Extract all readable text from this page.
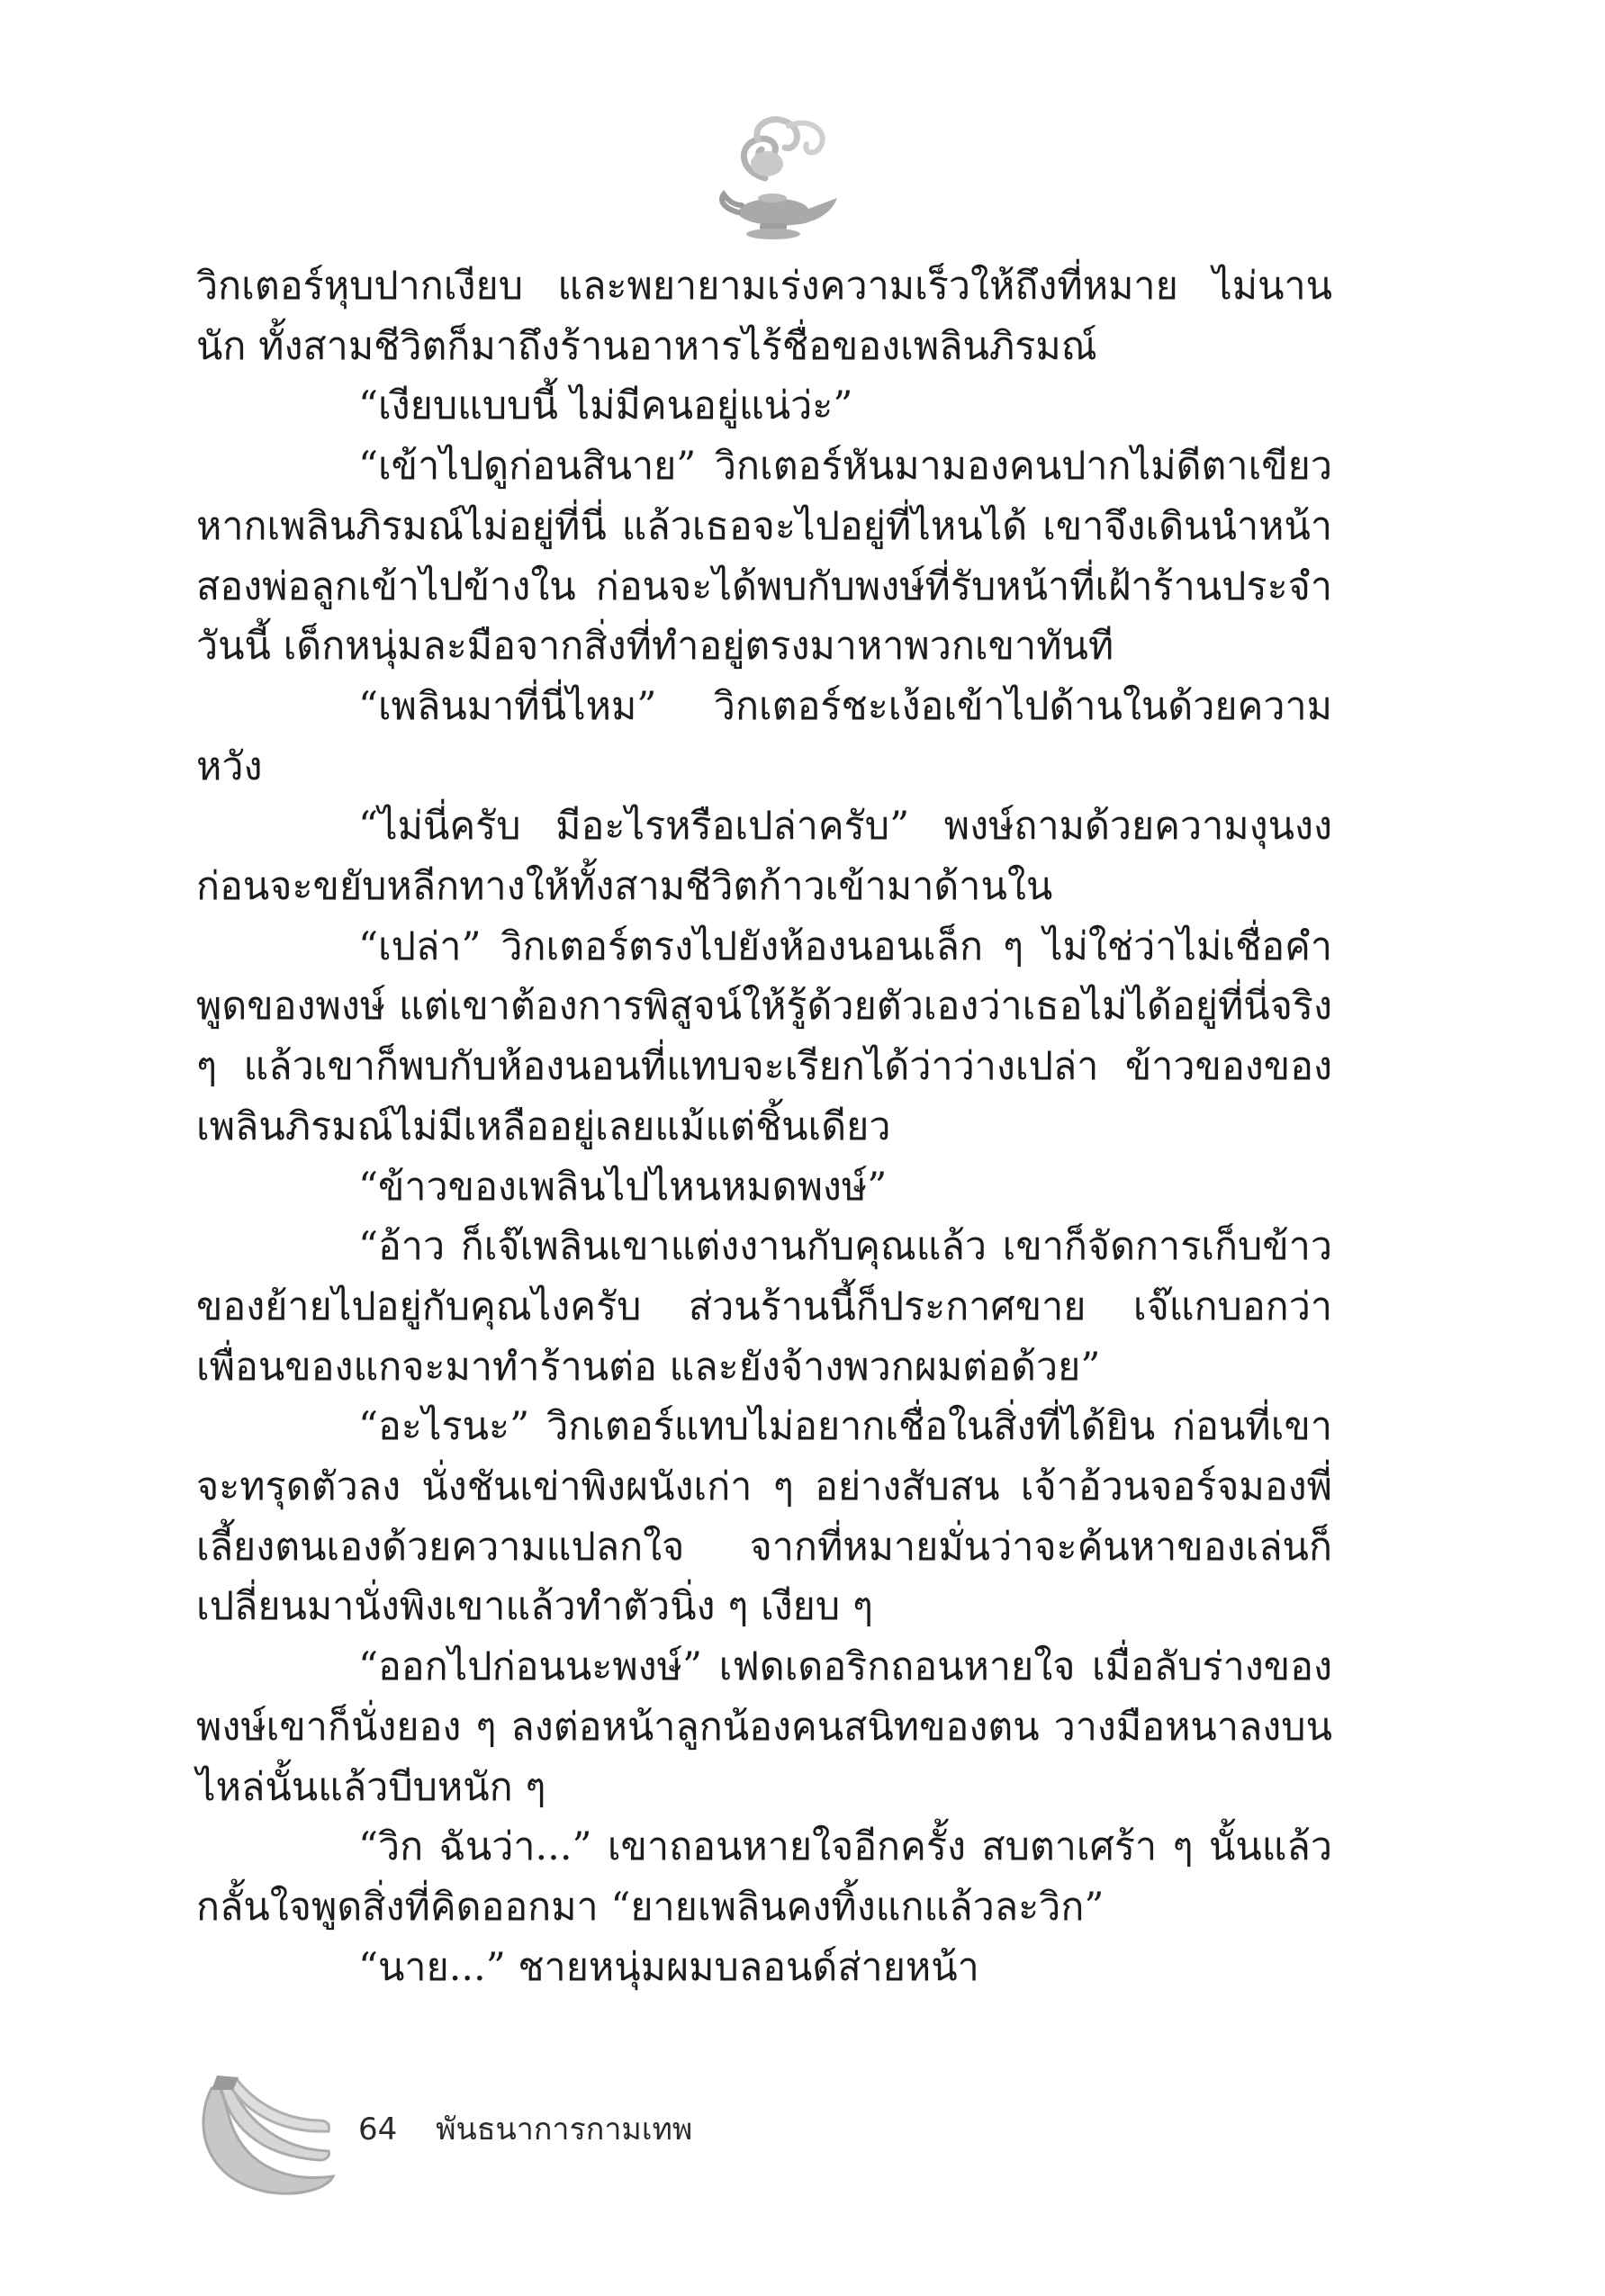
วิกเตอร์หุบปากเงียบ และพยายามเร่งความเร็วให้ถึงที่หมาย ไม่นานนัก ทั้งสามชีวิตก็มาถึงร้านอาหารไร้ชื่อของเพลินภิรมณ์

“เงียบแบบนี้ ไม่มีคนอยู่แน่ว่ะ”

“เข้าไปดูก่อนสินาย” วิกเตอร์หันมามองคนปากไม่ดีตาเขียว หากเพลินภิรมณ์ไม่อยู่ที่นี่ แล้วเธอจะไปอยู่ที่ไหนได้ เขาจึงเดินนำหน้าสองพ่อลูกเข้าไปข้างใน ก่อนจะได้พบกับพงษ์ที่รับหน้าที่เฝ้าร้านประจำวันนี้ เด็กหนุ่มละมือจากสิ่งที่ทำอยู่ตรงมาหาพวกเขาทันที

“เพลินมาที่นี่ไหม” วิกเตอร์ชะเง้อเข้าไปด้านในด้วยความหวัง

“ไม่นี่ครับ มีอะไรหรือเปล่าครับ” พงษ์ถามด้วยความงุนงง ก่อนจะขยับหลีกทางให้ทั้งสามชีวิตก้าวเข้ามาด้านใน

“เปล่า” วิกเตอร์ตรงไปยังห้องนอนเล็ก ๆ ไม่ใช่ว่าไม่เชื่อคำพูดของพงษ์ แต่เขาต้องการพิสูจน์ให้รู้ด้วยตัวเองว่าเธอไม่ได้อยู่ที่นี่จริง ๆ แล้วเขาก็พบกับห้องนอนที่แทบจะเรียกได้ว่าว่างเปล่า ข้าวของของเพลินภิรมณ์ไม่มีเหลืออยู่เลยแม้แต่ชิ้นเดียว

“ข้าวของเพลินไปไหนหมดพงษ์”

“อ้าว ก็เจ๊เพลินเขาแต่งงานกับคุณแล้ว เขาก็จัดการเก็บข้าวของย้ายไปอยู่กับคุณไงครับ ส่วนร้านนี้ก็ประกาศขาย เจ๊แกบอกว่าเพื่อนของแกจะมาทำร้านต่อ และยังจ้างพวกผมต่อด้วย”

“อะไรนะ” วิกเตอร์แทบไม่อยากเชื่อในสิ่งที่ได้ยิน ก่อนที่เขาจะทรุดตัวลง นั่งชันเข่าพิงผนังเก่า ๆ อย่างสับสน เจ้าอ้วนจอร์จมองพี่เลี้ยงตนเองด้วยความแปลกใจ จากที่หมายมั่นว่าจะค้นหาของเล่นก็เปลี่ยนมานั่งพิงเขาแล้วทำตัวนิ่ง ๆ เงียบ ๆ

“ออกไปก่อนนะพงษ์” เฟดเดอริกถอนหายใจ เมื่อลับร่างของพงษ์เขาก็นั่งยอง ๆ ลงต่อหน้าลูกน้องคนสนิทของตน วางมือหนาลงบนไหล่นั้นแล้วบีบหนัก ๆ

“วิก ฉันว่า...” เขาถอนหายใจอีกครั้ง สบตาเศร้า ๆ นั้นแล้วกลั้นใจพูดสิ่งที่คิดออกมา “ยายเพลินคงทิ้งแกแล้วละวิก”

“นาย...” ชายหนุ่มผมบลอนด์ส่ายหน้า

64 พันธนาการกามเทพ
